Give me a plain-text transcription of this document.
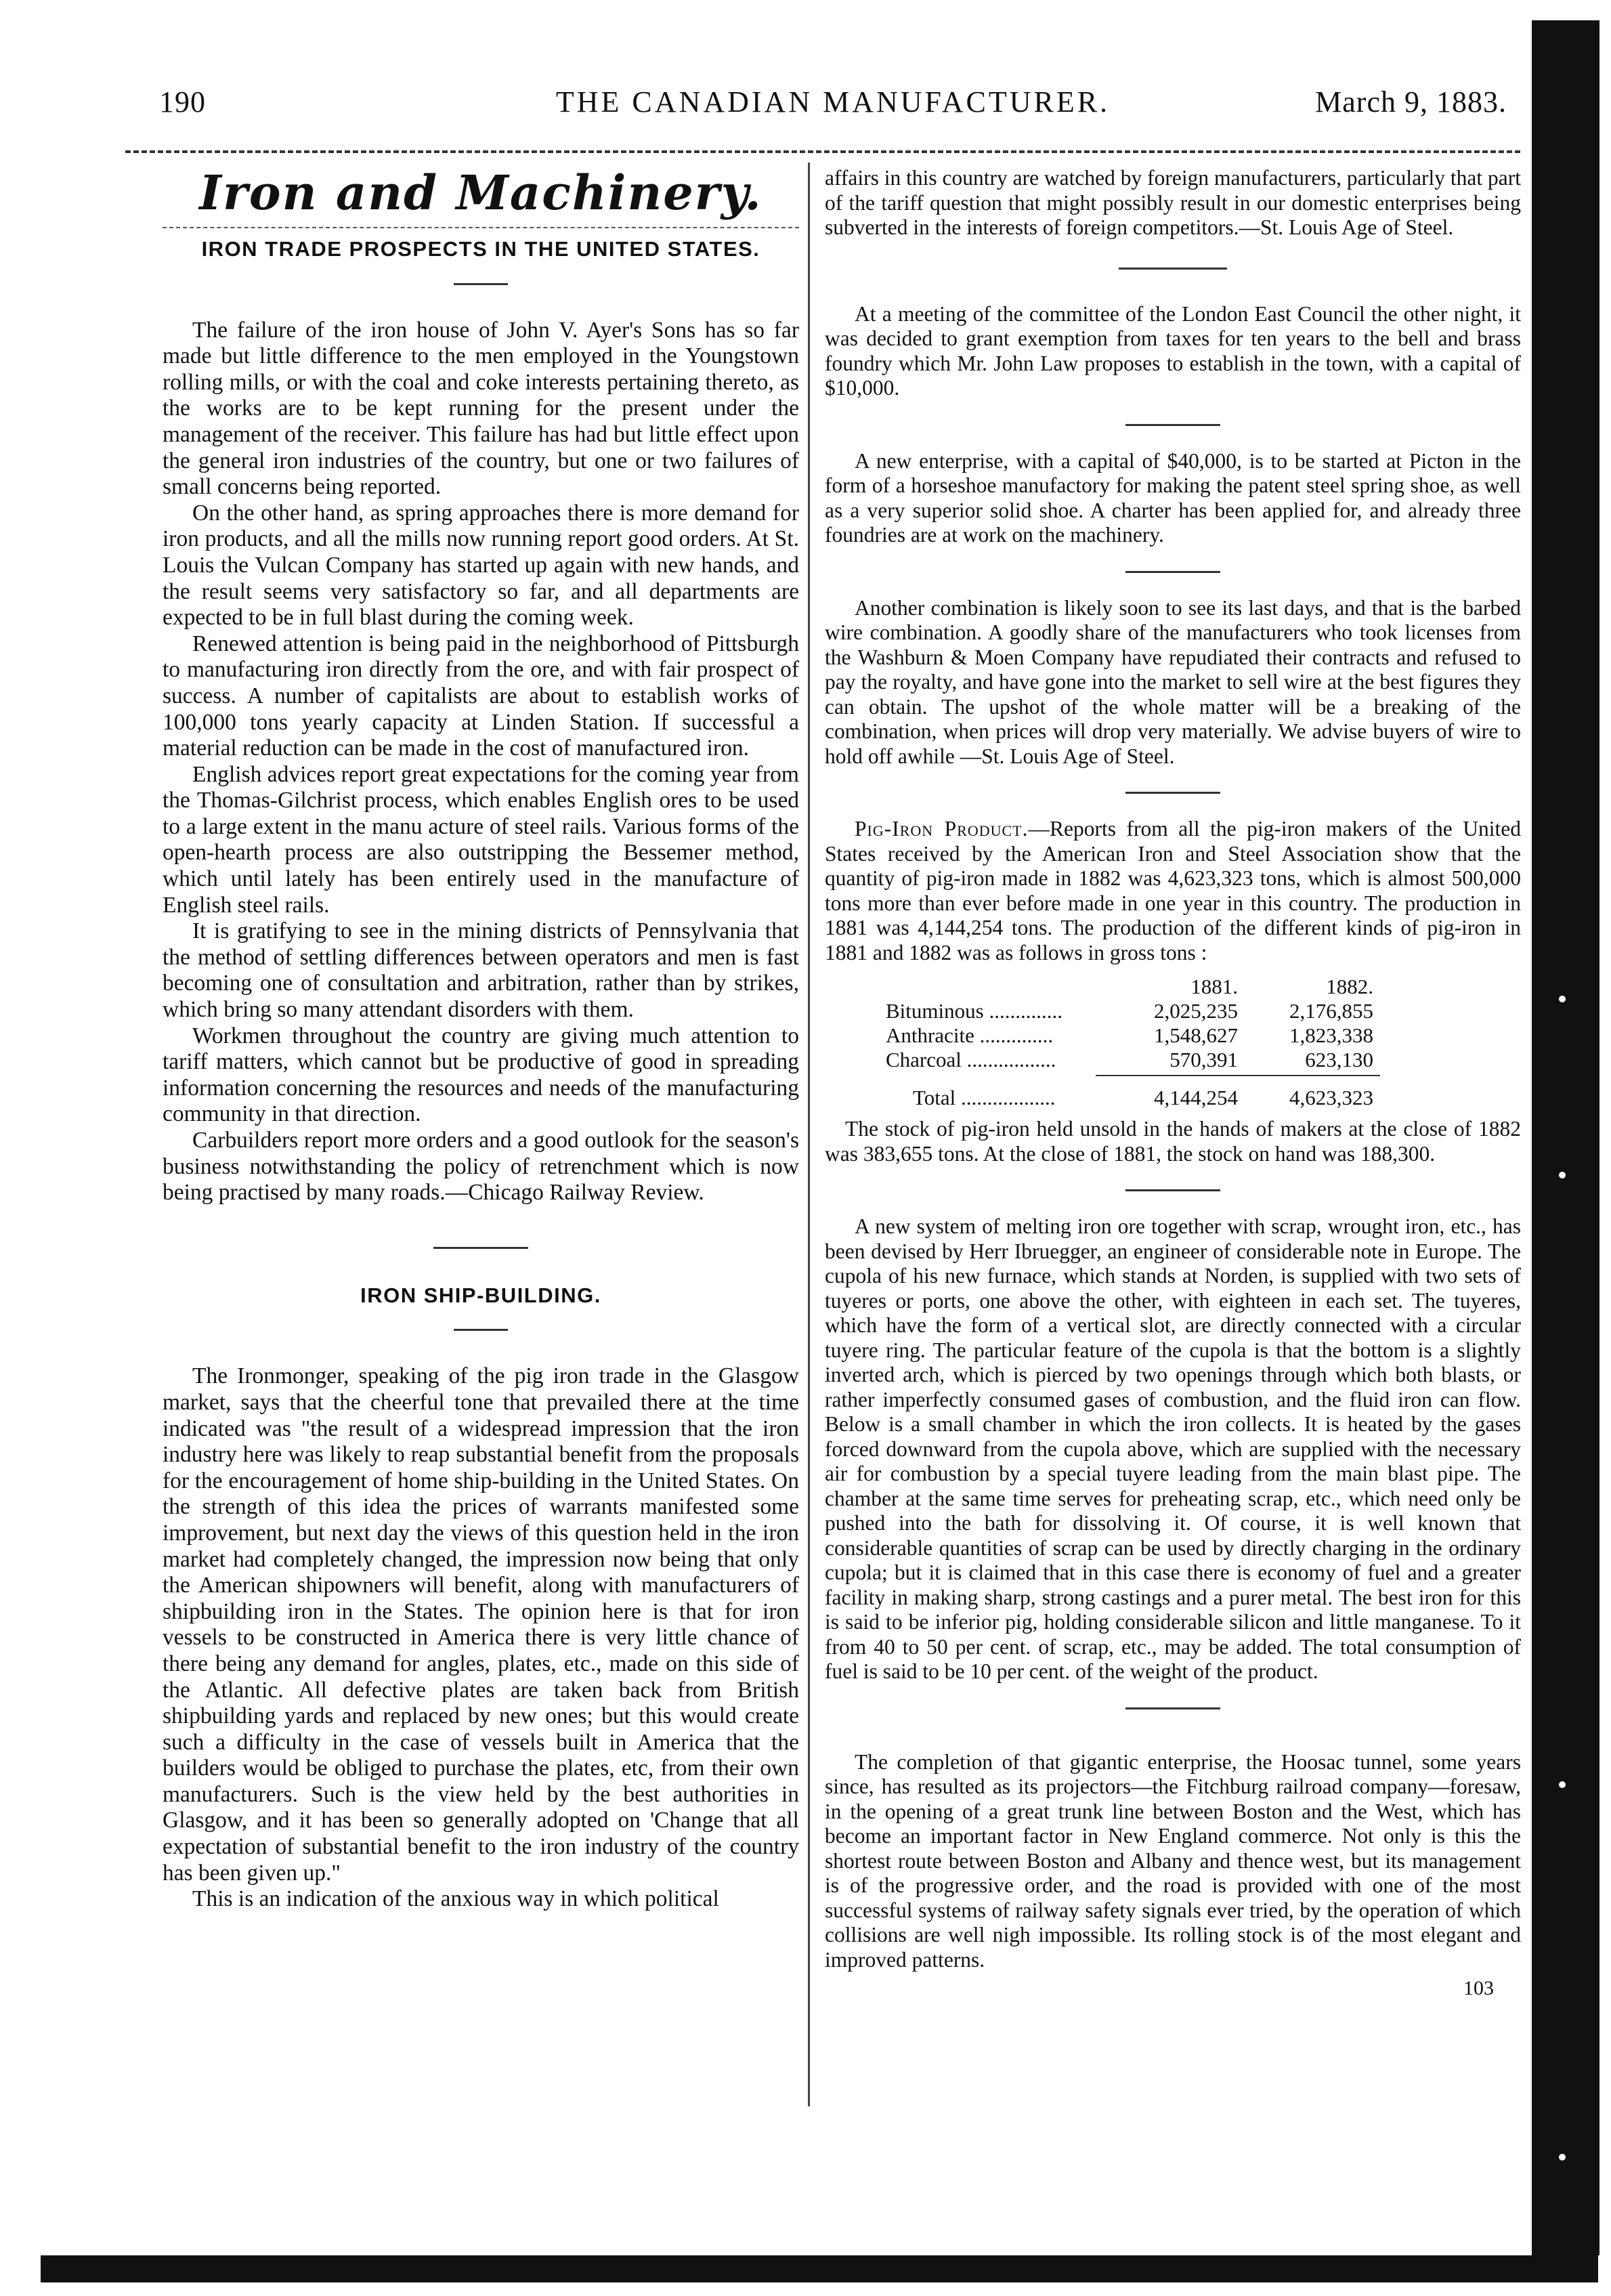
190	THE CANADIAN MANUFACTURER.	March 9, 1883.
Iron and Machinery.
IRON TRADE PROSPECTS IN THE UNITED STATES.

The failure of the iron house of John V. Ayer's Sons has so far made but little difference to the men employed in the Youngstown rolling mills, or with the coal and coke interests pertaining thereto, as the works are to be kept running for the present under the management of the receiver. This failure has had but little effect upon the general iron industries of the country, but one or two failures of small concerns being reported.

On the other hand, as spring approaches there is more demand for iron products, and all the mills now running report good orders. At St. Louis the Vulcan Company has started up again with new hands, and the result seems very satisfactory so far, and all departments are expected to be in full blast during the coming week.

Renewed attention is being paid in the neighborhood of Pittsburgh to manufacturing iron directly from the ore, and with fair prospect of success. A number of capitalists are about to establish works of 100,000 tons yearly capacity at Linden Station. If successful a material reduction can be made in the cost of manufactured iron.

English advices report great expectations for the coming year from the Thomas-Gilchrist process, which enables English ores to be used to a large extent in the manu acture of steel rails. Various forms of the open-hearth process are also outstripping the Bessemer method, which until lately has been entirely used in the manufacture of English steel rails.

It is gratifying to see in the mining districts of Pennsylvania that the method of settling differences between operators and men is fast becoming one of consultation and arbitration, rather than by strikes, which bring so many attendant disorders with them.

Workmen throughout the country are giving much attention to tariff matters, which cannot but be productive of good in spreading information concerning the resources and needs of the manufacturing community in that direction.

Carbuilders report more orders and a good outlook for the season's business notwithstanding the policy of retrenchment which is now being practised by many roads.—Chicago Railway Review.

IRON SHIP-BUILDING.

The Ironmonger, speaking of the pig iron trade in the Glasgow market, says that the cheerful tone that prevailed there at the time indicated was "the result of a widespread impression that the iron industry here was likely to reap substantial benefit from the proposals for the encouragement of home ship-building in the United States. On the strength of this idea the prices of warrants manifested some improvement, but next day the views of this question held in the iron market had completely changed, the impression now being that only the American shipowners will benefit, along with manufacturers of shipbuilding iron in the States. The opinion here is that for iron vessels to be constructed in America there is very little chance of there being any demand for angles, plates, etc., made on this side of the Atlantic. All defective plates are taken back from British shipbuilding yards and replaced by new ones; but this would create such a difficulty in the case of vessels built in America that the builders would be obliged to purchase the plates, etc, from their own manufacturers. Such is the view held by the best authorities in Glasgow, and it has been so generally adopted on 'Change that all expectation of substantial benefit to the iron industry of the country has been given up."

This is an indication of the anxious way in which political

affairs in this country are watched by foreign manufacturers, particularly that part of the tariff question that might possibly result in our domestic enterprises being subverted in the interests of foreign competitors.—St. Louis Age of Steel.

At a meeting of the committee of the London East Council the other night, it was decided to grant exemption from taxes for ten years to the bell and brass foundry which Mr. John Law proposes to establish in the town, with a capital of $10,000.

A new enterprise, with a capital of $40,000, is to be started at Picton in the form of a horseshoe manufactory for making the patent steel spring shoe, as well as a very superior solid shoe. A charter has been applied for, and already three foundries are at work on the machinery.

Another combination is likely soon to see its last days, and that is the barbed wire combination. A goodly share of the manufacturers who took licenses from the Washburn & Moen Company have repudiated their contracts and refused to pay the royalty, and have gone into the market to sell wire at the best figures they can obtain. The upshot of the whole matter will be a breaking of the combination, when prices will drop very materially. We advise buyers of wire to hold off awhile —St. Louis Age of Steel.

Pig-Iron Product.—Reports from all the pig-iron makers of the United States received by the American Iron and Steel Association show that the quantity of pig-iron made in 1882 was 4,623,323 tons, which is almost 500,000 tons more than ever before made in one year in this country. The production in 1881 was 4,144,254 tons. The production of the different kinds of pig-iron in 1881 and 1882 was as follows in gross tons :

1881.	1882.
Bituminous ..............	2,025,235	2,176,855
Anthracite ..............	1,548,627	1,823,338
Charcoal .................	570,391	623,130
Total ..................	4,144,254	4,623,323

The stock of pig-iron held unsold in the hands of makers at the close of 1882 was 383,655 tons. At the close of 1881, the stock on hand was 188,300.

A new system of melting iron ore together with scrap, wrought iron, etc., has been devised by Herr Ibruegger, an engineer of considerable note in Europe. The cupola of his new furnace, which stands at Norden, is supplied with two sets of tuyeres or ports, one above the other, with eighteen in each set. The tuyeres, which have the form of a vertical slot, are directly connected with a circular tuyere ring. The particular feature of the cupola is that the bottom is a slightly inverted arch, which is pierced by two openings through which both blasts, or rather imperfectly consumed gases of combustion, and the fluid iron can flow. Below is a small chamber in which the iron collects. It is heated by the gases forced downward from the cupola above, which are supplied with the necessary air for combustion by a special tuyere leading from the main blast pipe. The chamber at the same time serves for preheating scrap, etc., which need only be pushed into the bath for dissolving it. Of course, it is well known that considerable quantities of scrap can be used by directly charging in the ordinary cupola; but it is claimed that in this case there is economy of fuel and a greater facility in making sharp, strong castings and a purer metal. The best iron for this is said to be inferior pig, holding considerable silicon and little manganese. To it from 40 to 50 per cent. of scrap, etc., may be added. The total consumption of fuel is said to be 10 per cent. of the weight of the product.

The completion of that gigantic enterprise, the Hoosac tunnel, some years since, has resulted as its projectors—the Fitchburg railroad company—foresaw, in the opening of a great trunk line between Boston and the West, which has become an important factor in New England commerce. Not only is this the shortest route between Boston and Albany and thence west, but its management is of the progressive order, and the road is provided with one of the most successful systems of railway safety signals ever tried, by the operation of which collisions are well nigh impossible. Its rolling stock is of the most elegant and improved patterns.

103
